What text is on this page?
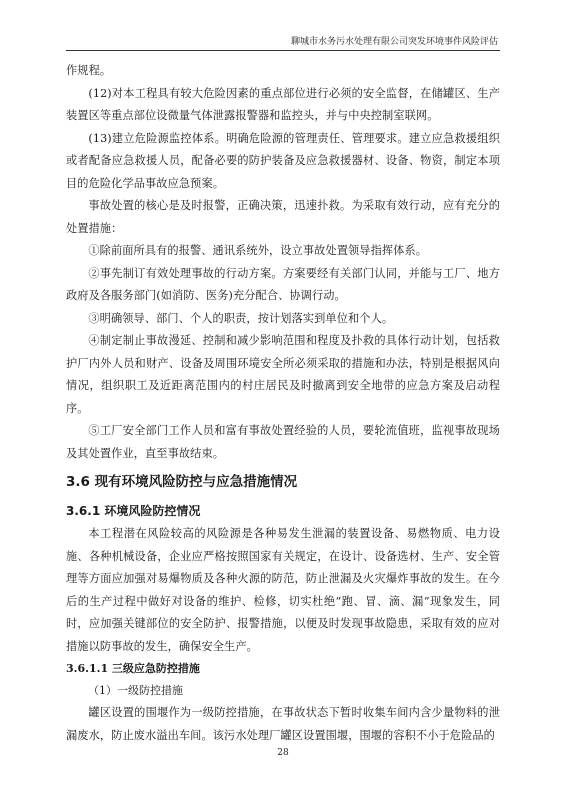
聊城市水务污水处理有限公司突发环境事件风险评估

作规程。

(12)对本工程具有较大危险因素的重点部位进行必须的安全监督，在储罐区、生产装置区等重点部位设微量气体泄露报警器和监控头，并与中央控制室联网。

(13)建立危险源监控体系。明确危险源的管理责任、管理要求。建立应急救援组织或者配备应急救援人员，配备必要的防护装备及应急救援器材、设备、物资，制定本项目的危险化学品事故应急预案。

事故处置的核心是及时报警，正确决策，迅速扑救。为采取有效行动，应有充分的处置措施：

①除前面所具有的报警、通讯系统外，设立事故处置领导指挥体系。

②事先制订有效处理事故的行动方案。方案要经有关部门认同，并能与工厂、地方政府及各服务部门(如消防、医务)充分配合、协调行动。

③明确领导、部门、个人的职责，按计划落实到单位和个人。

④制定制止事故漫延、控制和减少影响范围和程度及扑救的具体行动计划，包括救护厂内外人员和财产、设备及周围环境安全所必须采取的措施和办法，特别是根据风向情况，组织职工及近距离范围内的村庄居民及时撤离到安全地带的应急方案及启动程序。

⑤工厂安全部门工作人员和富有事故处置经验的人员，要轮流值班，监视事故现场及其处置作业，直至事故结束。

3.6 现有环境风险防控与应急措施情况
3.6.1 环境风险防控情况

本工程潜在风险较高的风险源是各种易发生泄漏的装置设备、易燃物质、电力设施、各种机械设备，企业应严格按照国家有关规定，在设计、设备选材、生产、安全管理等方面应加强对易爆物质及各种火源的防范，防止泄漏及火灾爆炸事故的发生。在今后的生产过程中做好对设备的维护、检修，切实杜绝“跑、冒、滴、漏”现象发生，同时，应加强关键部位的安全防护、报警措施，以便及时发现事故隐患，采取有效的应对措施以防事故的发生，确保安全生产。

3.6.1.1 三级应急防控措施

（1）一级防控措施

罐区设置的围堰作为一级防控措施，在事故状态下暂时收集车间内含少量物料的泄漏废水，防止废水溢出车间。该污水处理厂罐区设置围堰，围堰的容积不小于危险品的

28
